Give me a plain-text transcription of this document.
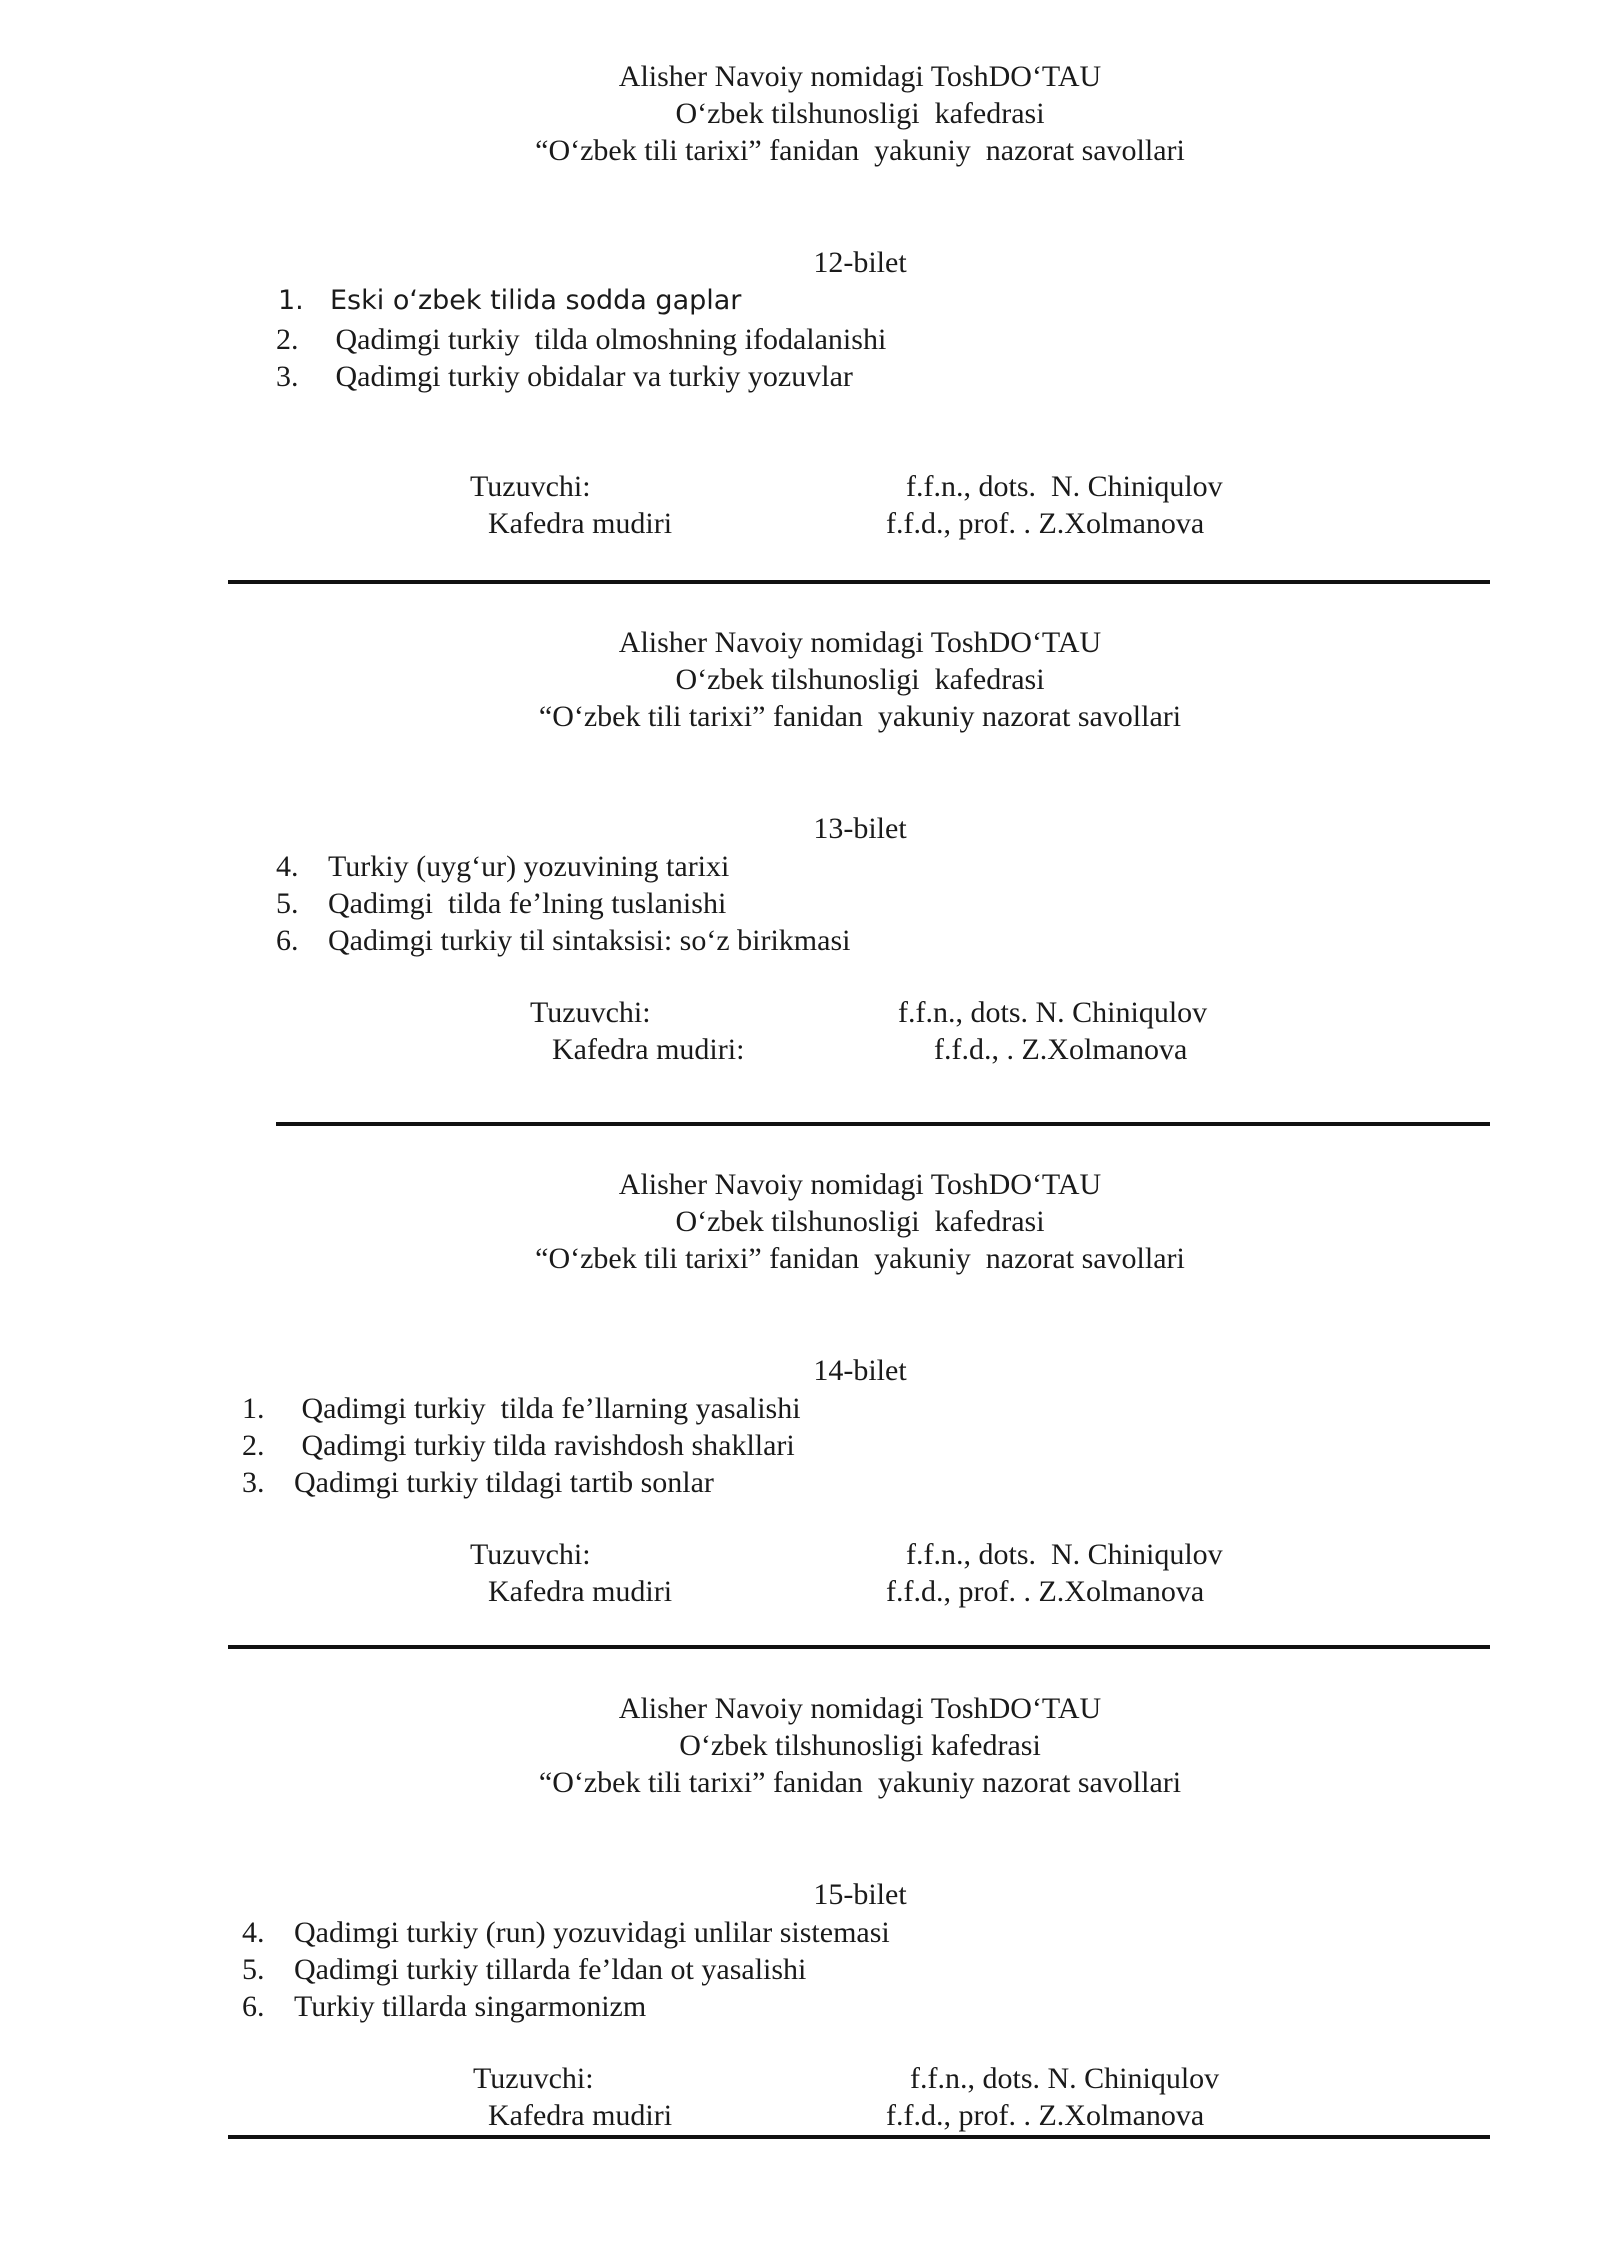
Alisher Navoiy nomidagi ToshDO‘TAU
O‘zbek tilshunosligi  kafedrasi
“O‘zbek tili tarixi” fanidan  yakuniy  nazorat savollari
12-bilet
1. Eski o‘zbek tilida sodda gaplar
2. Qadimgi turkiy  tilda olmoshning ifodalanishi
3. Qadimgi turkiy obidalar va turkiy yozuvlar
Tuzuvchi:	f.f.n., dots.  N. Chiniqulov
Kafedra mudiri	f.f.d., prof. . Z.Xolmanova
Alisher Navoiy nomidagi ToshDO‘TAU
O‘zbek tilshunosligi  kafedrasi
“O‘zbek tili tarixi” fanidan  yakuniy nazorat savollari
13-bilet
4. Turkiy (uyg‘ur) yozuvining tarixi
5. Qadimgi  tilda fe’lning tuslanishi
6. Qadimgi turkiy til sintaksisi: so‘z birikmasi
Tuzuvchi:	f.f.n., dots. N. Chiniqulov
Kafedra mudiri:	f.f.d., . Z.Xolmanova
Alisher Navoiy nomidagi ToshDO‘TAU
O‘zbek tilshunosligi  kafedrasi
“O‘zbek tili tarixi” fanidan  yakuniy  nazorat savollari
14-bilet
1. Qadimgi turkiy  tilda fe’llarning yasalishi
2. Qadimgi turkiy tilda ravishdosh shakllari
3. Qadimgi turkiy tildagi tartib sonlar
Tuzuvchi:	f.f.n., dots.  N. Chiniqulov
Kafedra mudiri	f.f.d., prof. . Z.Xolmanova
Alisher Navoiy nomidagi ToshDO‘TAU
O‘zbek tilshunosligi kafedrasi
“O‘zbek tili tarixi” fanidan  yakuniy nazorat savollari
15-bilet
4. Qadimgi turkiy (run) yozuvidagi unlilar sistemasi
5. Qadimgi turkiy tillarda fe’ldan ot yasalishi
6. Turkiy tillarda singarmonizm
Tuzuvchi:	f.f.n., dots. N. Chiniqulov
Kafedra mudiri	f.f.d., prof. . Z.Xolmanova
